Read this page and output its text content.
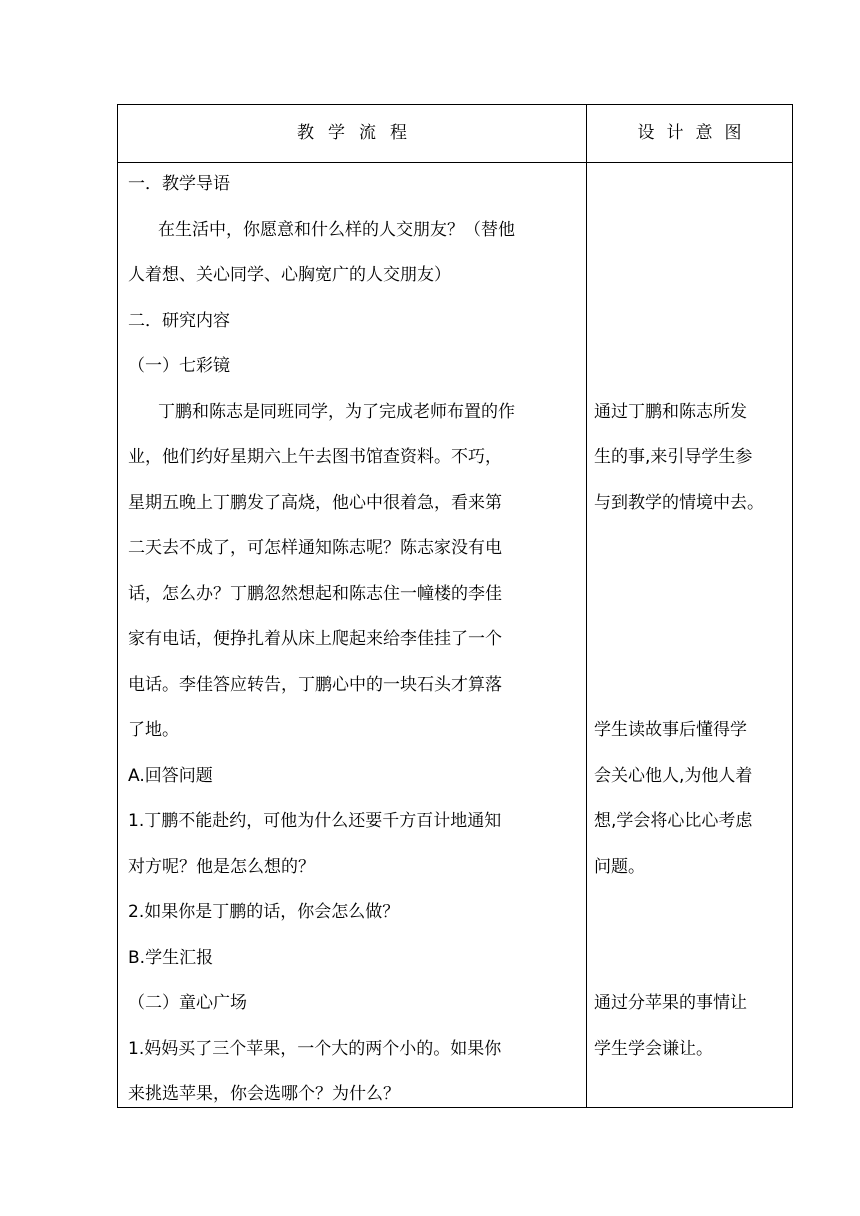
教学流程	设计意图
一．教学导语
在生活中，你愿意和什么样的人交朋友？（替他
人着想、关心同学、心胸宽广的人交朋友）
二．研究内容
（一）七彩镜
丁鹏和陈志是同班同学，为了完成老师布置的作
业，他们约好星期六上午去图书馆查资料。不巧，
星期五晚上丁鹏发了高烧，他心中很着急，看来第
二天去不成了，可怎样通知陈志呢？陈志家没有电
话，怎么办？丁鹏忽然想起和陈志住一幢楼的李佳
家有电话，便挣扎着从床上爬起来给李佳挂了一个
电话。李佳答应转告，丁鹏心中的一块石头才算落
了地。
A.回答问题
1.丁鹏不能赴约，可他为什么还要千方百计地通知
对方呢？他是怎么想的？
2.如果你是丁鹏的话，你会怎么做？
B.学生汇报
（二）童心广场
1.妈妈买了三个苹果，一个大的两个小的。如果你
来挑选苹果，你会选哪个？为什么？
通过丁鹏和陈志所发
生的事,来引导学生参
与到教学的情境中去。
学生读故事后懂得学
会关心他人,为他人着
想,学会将心比心考虑
问题。
通过分苹果的事情让
学生学会谦让。
